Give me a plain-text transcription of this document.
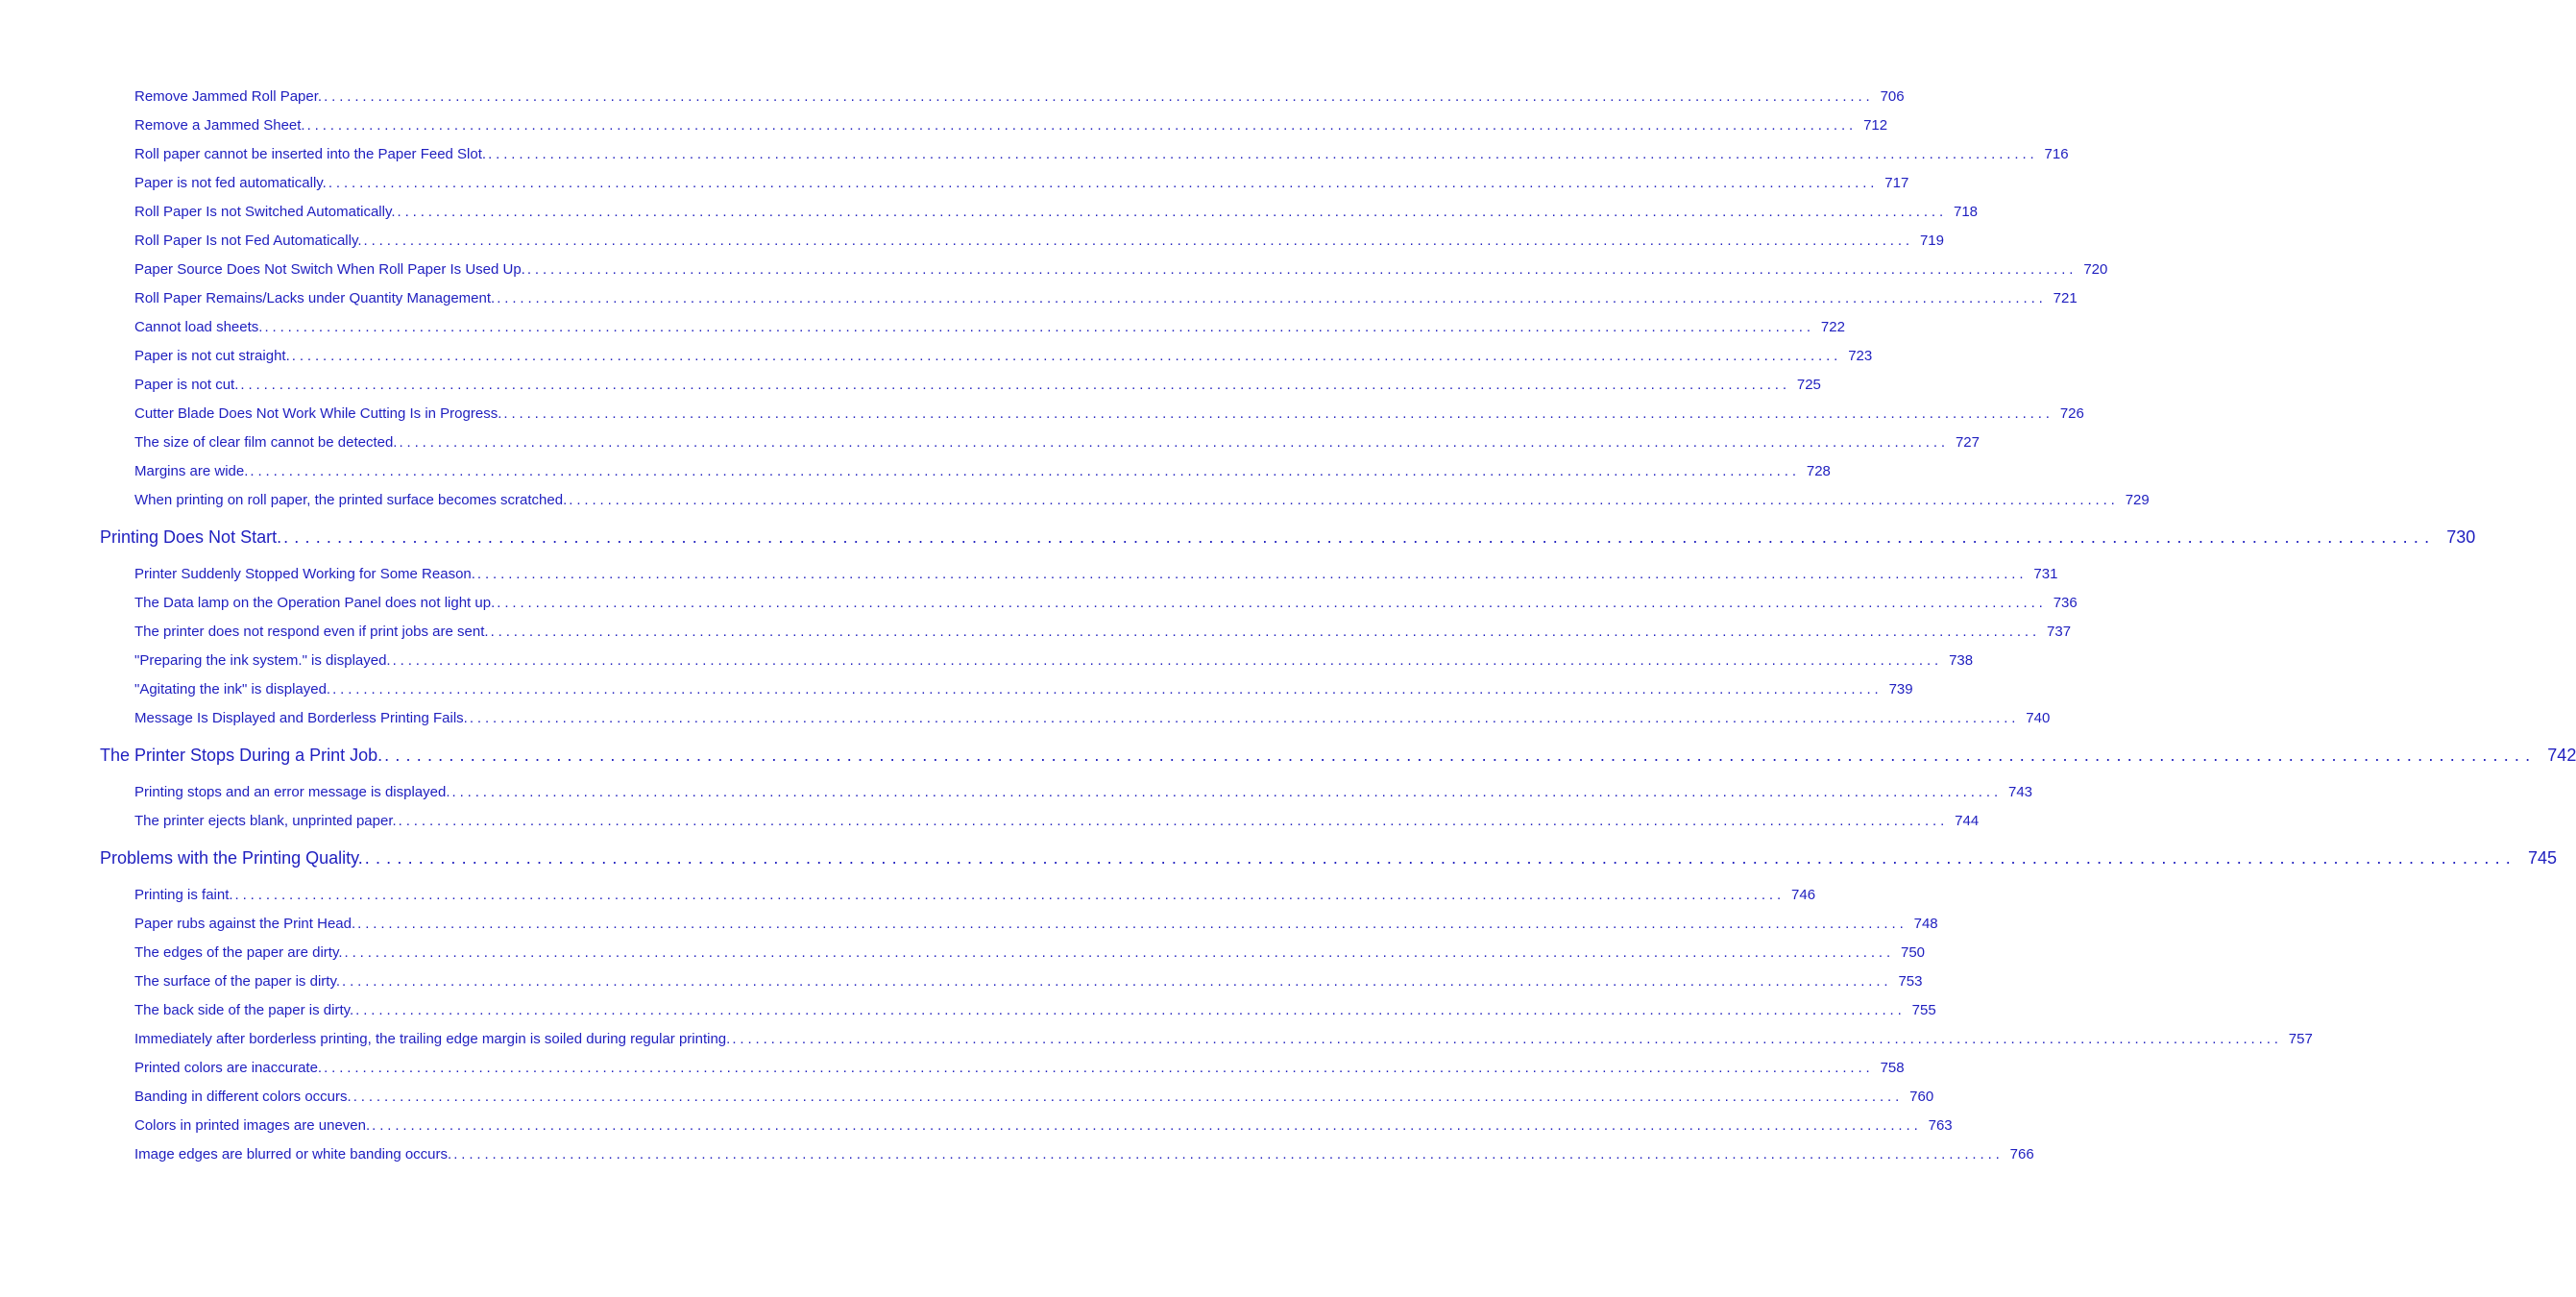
Remove Jammed Roll Paper. ........................................................................................................................................................................................................ 706
Remove a Jammed Sheet. ........................................................................................................................................................................................................ 712
Roll paper cannot be inserted into the Paper Feed Slot. ........................................................................................................................................................................................................ 716
Paper is not fed automatically. ........................................................................................................................................................................................................ 717
Roll Paper Is not Switched Automatically. ........................................................................................................................................................................................................ 718
Roll Paper Is not Fed Automatically. ........................................................................................................................................................................................................ 719
Paper Source Does Not Switch When Roll Paper Is Used Up. ........................................................................................................................................................................................................ 720
Roll Paper Remains/Lacks under Quantity Management. ........................................................................................................................................................................................................ 721
Cannot load sheets. ........................................................................................................................................................................................................ 722
Paper is not cut straight. ........................................................................................................................................................................................................ 723
Paper is not cut. ........................................................................................................................................................................................................ 725
Cutter Blade Does Not Work While Cutting Is in Progress. ........................................................................................................................................................................................................ 726
The size of clear film cannot be detected. ........................................................................................................................................................................................................ 727
Margins are wide. ........................................................................................................................................................................................................ 728
When printing on roll paper, the printed surface becomes scratched. ........................................................................................................................................................................................................ 729
Printing Does Not Start. ........................................................................................................................................................................................................ 730
Printer Suddenly Stopped Working for Some Reason. ........................................................................................................................................................................................................ 731
The Data lamp on the Operation Panel does not light up. ........................................................................................................................................................................................................ 736
The printer does not respond even if print jobs are sent. ........................................................................................................................................................................................................ 737
"Preparing the ink system." is displayed. ........................................................................................................................................................................................................ 738
"Agitating the ink" is displayed. ........................................................................................................................................................................................................ 739
Message Is Displayed and Borderless Printing Fails. ........................................................................................................................................................................................................ 740
The Printer Stops During a Print Job. ........................................................................................................................................................................................................ 742
Printing stops and an error message is displayed. ........................................................................................................................................................................................................ 743
The printer ejects blank, unprinted paper. ........................................................................................................................................................................................................ 744
Problems with the Printing Quality. ........................................................................................................................................................................................................ 745
Printing is faint. ........................................................................................................................................................................................................ 746
Paper rubs against the Print Head. ........................................................................................................................................................................................................ 748
The edges of the paper are dirty. ........................................................................................................................................................................................................ 750
The surface of the paper is dirty. ........................................................................................................................................................................................................ 753
The back side of the paper is dirty. ........................................................................................................................................................................................................ 755
Immediately after borderless printing, the trailing edge margin is soiled during regular printing. ........................................................................................................................................................................................................ 757
Printed colors are inaccurate. ........................................................................................................................................................................................................ 758
Banding in different colors occurs. ........................................................................................................................................................................................................ 760
Colors in printed images are uneven. ........................................................................................................................................................................................................ 763
Image edges are blurred or white banding occurs. ........................................................................................................................................................................................................ 766
